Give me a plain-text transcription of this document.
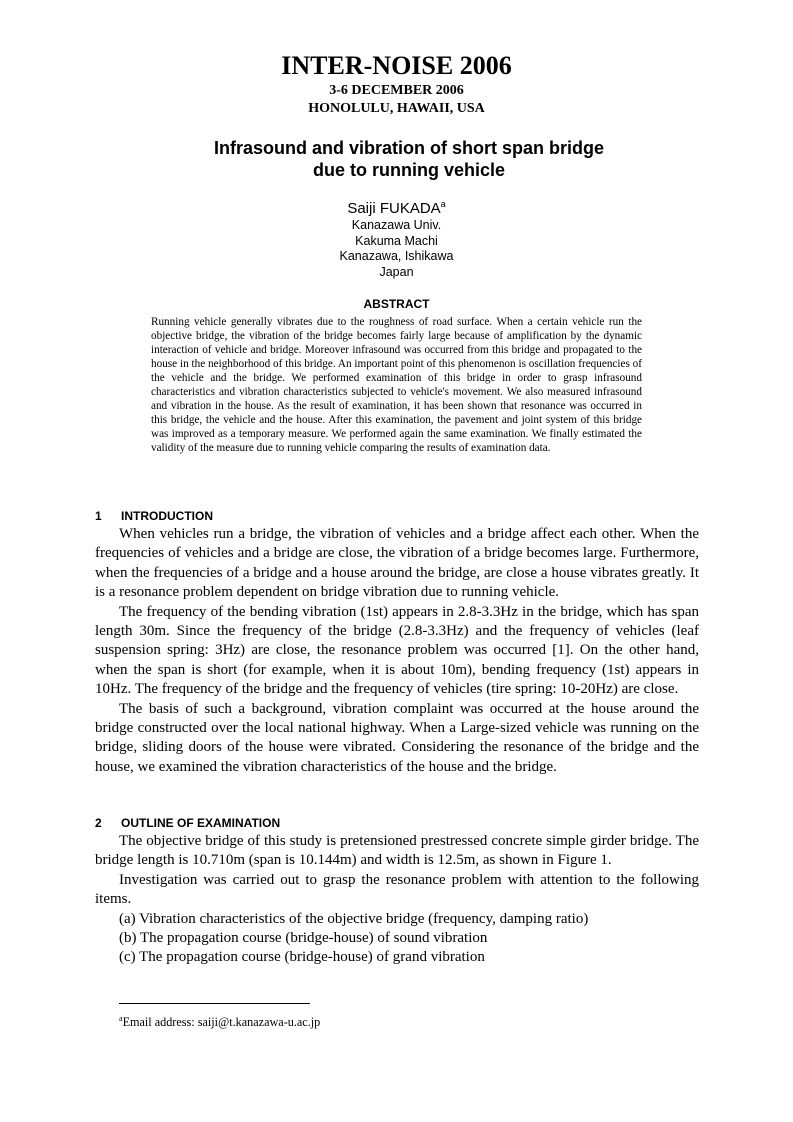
INTER-NOISE 2006
3-6 DECEMBER 2006
HONOLULU, HAWAII, USA
Infrasound and vibration of short span bridge
due to running vehicle
Saiji FUKADA$^a$
Kanazawa Univ.
Kakuma Machi
Kanazawa, Ishikawa
Japan
ABSTRACT
Running vehicle generally vibrates due to the roughness of road surface. When a certain vehicle run the objective bridge, the vibration of the bridge becomes fairly large because of amplification by the dynamic interaction of vehicle and bridge. Moreover infrasound was occurred from this bridge and propagated to the house in the neighborhood of this bridge. An important point of this phenomenon is oscillation frequencies of the vehicle and the bridge. We performed examination of this bridge in order to grasp infrasound characteristics and vibration characteristics subjected to vehicle's movement. We also measured infrasound and vibration in the house. As the result of examination, it has been shown that resonance was occurred in this bridge, the vehicle and the house. After this examination, the pavement and joint system of this bridge was improved as a temporary measure. We performed again the same examination. We finally estimated the validity of the measure due to running vehicle comparing the results of examination data.
1 INTRODUCTION

When vehicles run a bridge, the vibration of vehicles and a bridge affect each other. When the frequencies of vehicles and a bridge are close, the vibration of a bridge becomes large. Furthermore, when the frequencies of a bridge and a house around the bridge, are close a house vibrates greatly. It is a resonance problem dependent on bridge vibration due to running vehicle.

The frequency of the bending vibration (1st) appears in 2.8-3.3Hz in the bridge, which has span length 30m. Since the frequency of the bridge (2.8-3.3Hz) and the frequency of vehicles (leaf suspension spring: 3Hz) are close, the resonance problem was occurred [1]. On the other hand, when the span is short (for example, when it is about 10m), bending frequency (1st) appears in 10Hz. The frequency of the bridge and the frequency of vehicles (tire spring: 10-20Hz) are close.

The basis of such a background, vibration complaint was occurred at the house around the bridge constructed over the local national highway. When a Large-sized vehicle was running on the bridge, sliding doors of the house were vibrated. Considering the resonance of the bridge and the house, we examined the vibration characteristics of the house and the bridge.

2 OUTLINE OF EXAMINATION

The objective bridge of this study is pretensioned prestressed concrete simple girder bridge. The bridge length is 10.710m (span is 10.144m) and width is 12.5m, as shown in Figure 1.

Investigation was carried out to grasp the resonance problem with attention to the following items.

(a) Vibration characteristics of the objective bridge (frequency, damping ratio)

(b) The propagation course (bridge-house) of sound vibration

(c) The propagation course (bridge-house) of grand vibration

$^a$Email address: saiji@t.kanazawa-u.ac.jp
